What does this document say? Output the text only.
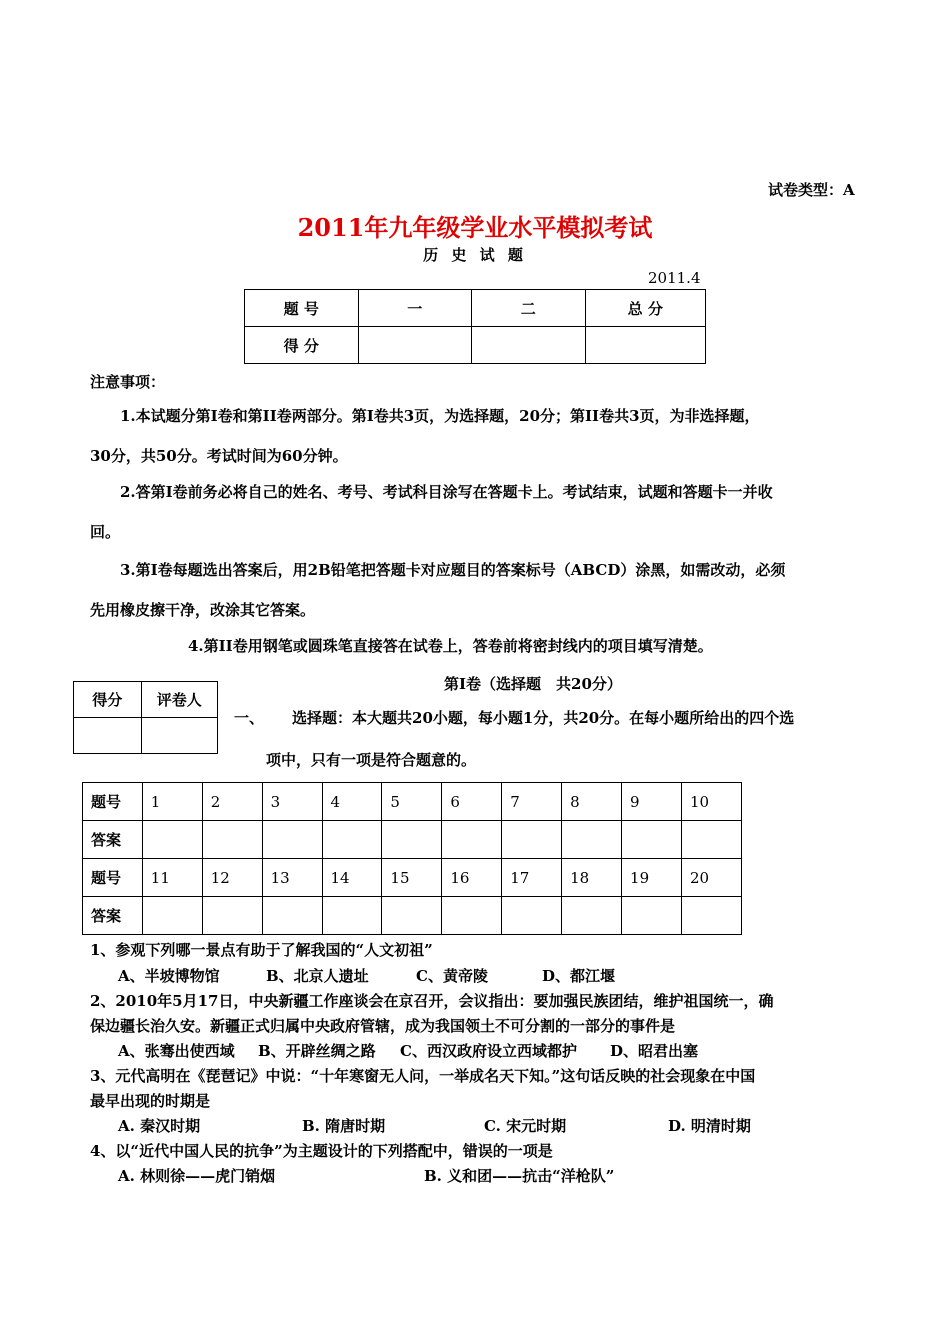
试卷类型：A
2011年九年级学业水平模拟考试
历 史 试 题
2011.4
题 号	一	二	总 分
得 分			
注意事项：
1.本试题分第Ⅰ卷和第II卷两部分。第Ⅰ卷共3页，为选择题，20分；第II卷共3页，为非选择题，
30分，共50分。考试时间为60分钟。
2.答第Ⅰ卷前务必将自己的姓名、考号、考试科目涂写在答题卡上。考试结束，试题和答题卡一并收
回。
3.第Ⅰ卷每题选出答案后，用2B铅笔把答题卡对应题目的答案标号（ABCD）涂黑，如需改动，必须
先用橡皮擦干净，改涂其它答案。
4.第II卷用钢笔或圆珠笔直接答在试卷上，答卷前将密封线内的项目填写清楚。
得分	评卷人

第Ⅰ卷（选择题　共20分）
一、 选择题：本大题共20小题，每小题1分，共20分。在每小题所给出的四个选
项中，只有一项是符合题意的。
题号	1	2	3	4	5	6	7	8	9	10
答案										
题号	11	12	13	14	15	16	17	18	19	20
答案										
1、参观下列哪一景点有助于了解我国的“人文初祖”
A、半坡博物馆	B、北京人遗址	C、黄帝陵	D、都江堰
2、2010年5月17日，中央新疆工作座谈会在京召开，会议指出：要加强民族团结，维护祖国统一，确
保边疆长治久安。新疆正式归属中央政府管辖，成为我国领土不可分割的一部分的事件是
A、张骞出使西域 B、开辟丝绸之路 C、西汉政府设立西域都护 D、昭君出塞
3、元代高明在《琵琶记》中说：“十年寒窗无人问，一举成名天下知。”这句话反映的社会现象在中国
最早出现的时期是
A. 秦汉时期	B. 隋唐时期	C. 宋元时期	D. 明清时期
4、以“近代中国人民的抗争”为主题设计的下列搭配中，错误的一项是
A. 林则徐——虎门销烟	B. 义和团——抗击“洋枪队”
